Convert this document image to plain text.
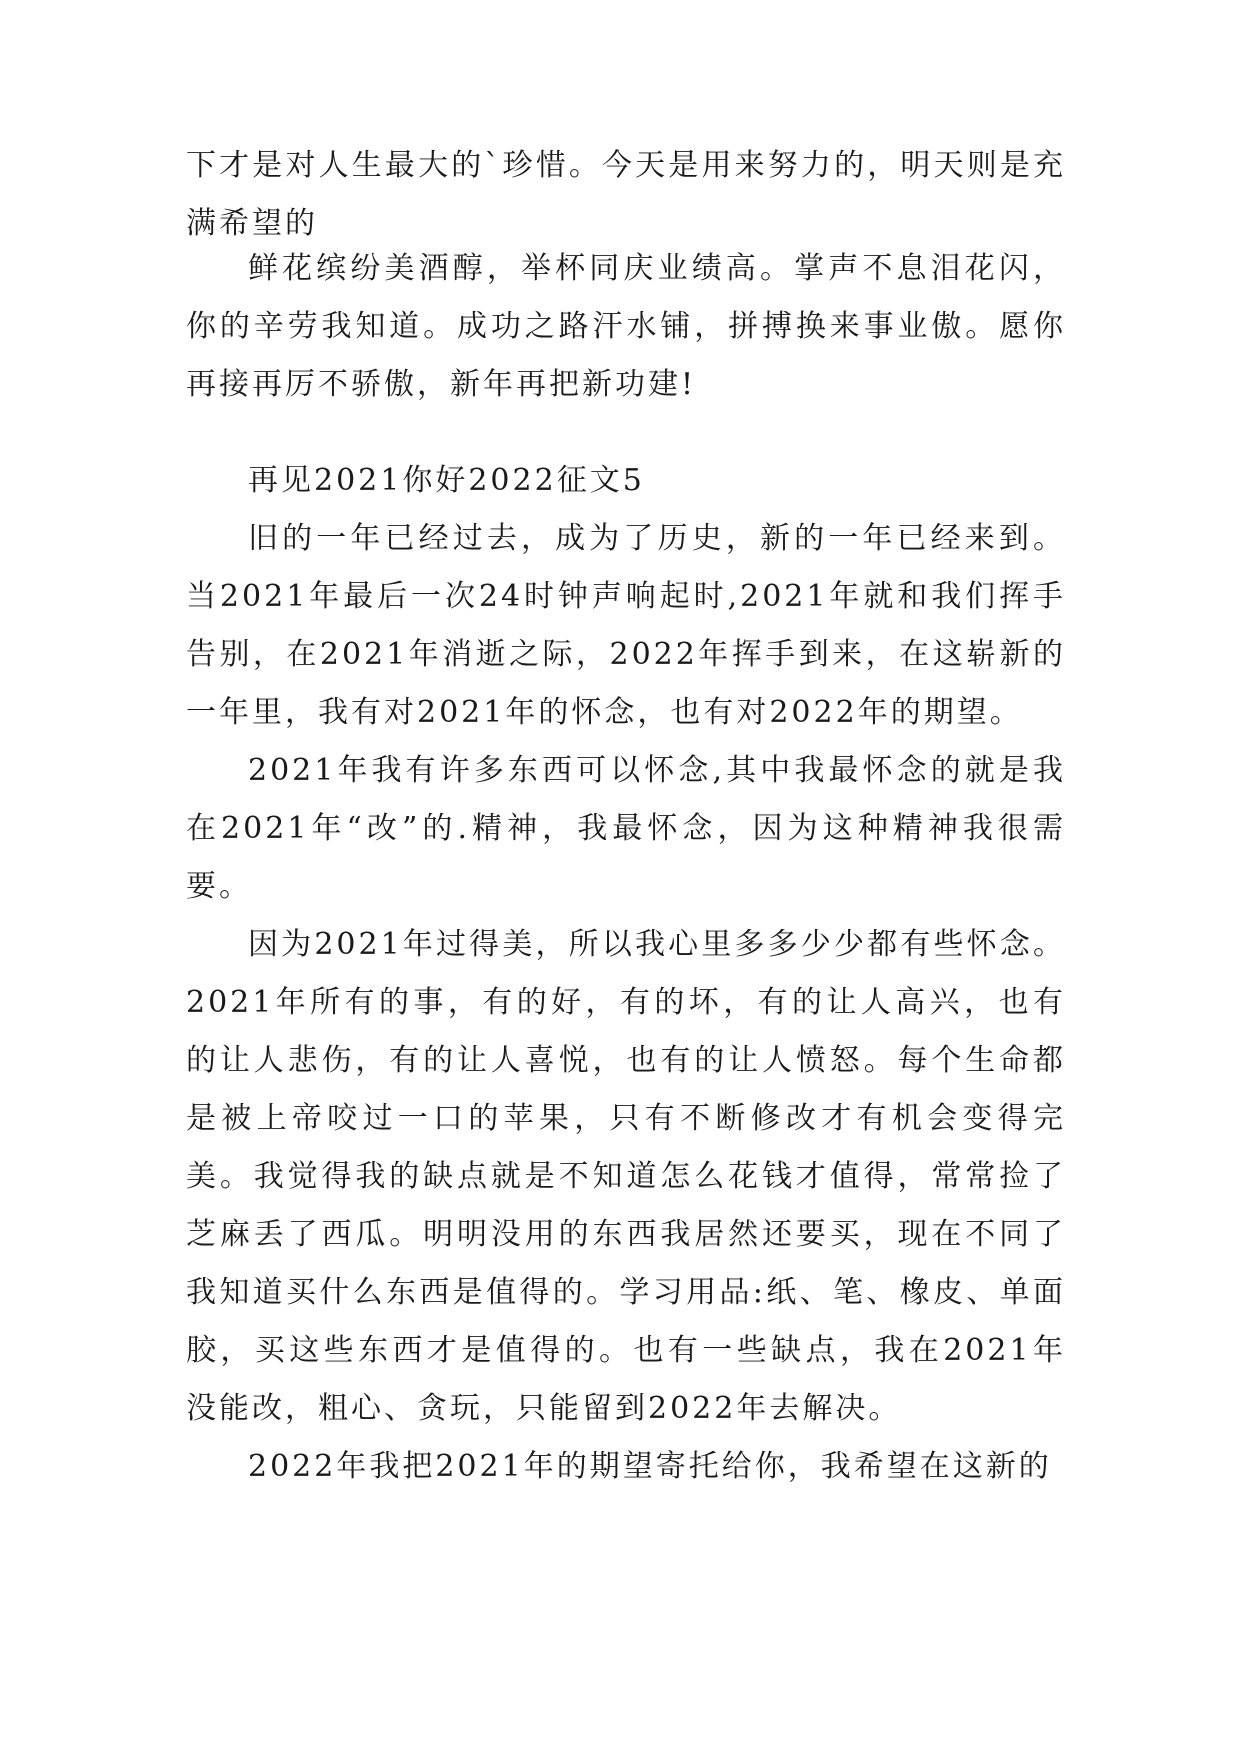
下才是对人生最大的`珍惜。今天是用来努力的，明天则是充满希望的

鲜花缤纷美酒醇，举杯同庆业绩高。掌声不息泪花闪，你的辛劳我知道。成功之路汗水铺，拼搏换来事业傲。愿你再接再厉不骄傲，新年再把新功建!

再见2021你好2022征文5

旧的一年已经过去，成为了历史，新的一年已经来到。当2021年最后一次24时钟声响起时,2021年就和我们挥手告别，在2021年消逝之际，2022年挥手到来，在这崭新的一年里，我有对2021年的怀念，也有对2022年的期望。

2021年我有许多东西可以怀念,其中我最怀念的就是我在2021年“改”的.精神，我最怀念，因为这种精神我很需要。

因为2021年过得美，所以我心里多多少少都有些怀念。2021年所有的事，有的好，有的坏，有的让人高兴，也有的让人悲伤，有的让人喜悦，也有的让人愤怒。每个生命都是被上帝咬过一口的苹果，只有不断修改才有机会变得完美。我觉得我的缺点就是不知道怎么花钱才值得，常常捡了芝麻丢了西瓜。明明没用的东西我居然还要买，现在不同了我知道买什么东西是值得的。学习用品:纸、笔、橡皮、单面胶，买这些东西才是值得的。也有一些缺点，我在2021年没能改，粗心、贪玩，只能留到2022年去解决。

2022年我把2021年的期望寄托给你，我希望在这新的
